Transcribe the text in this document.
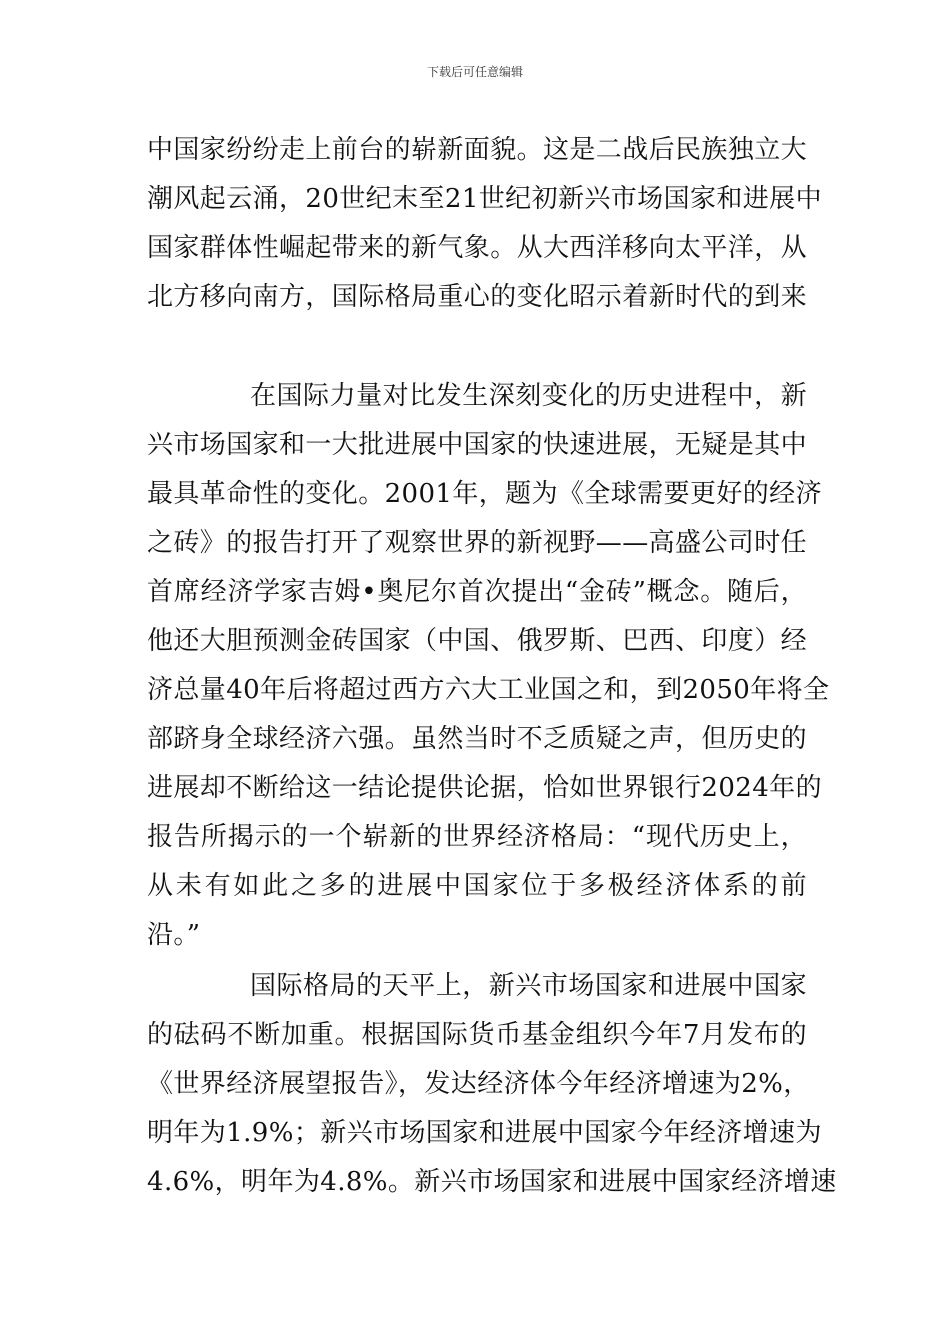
下载后可任意编辑
中国家纷纷走上前台的崭新面貌。这是二战后民族独立大
潮风起云涌，20世纪末至21世纪初新兴市场国家和进展中
国家群体性崛起带来的新气象。从大西洋移向太平洋，从
北方移向南方，国际格局重心的变化昭示着新时代的到来
在国际力量对比发生深刻变化的历史进程中，新
兴市场国家和一大批进展中国家的快速进展，无疑是其中
最具革命性的变化。2001年，题为《全球需要更好的经济
之砖》的报告打开了观察世界的新视野——高盛公司时任
首席经济学家吉姆•奥尼尔首次提出“金砖”概念。随后，
他还大胆预测金砖国家（中国、俄罗斯、巴西、印度）经
济总量40年后将超过西方六大工业国之和，到2050年将全
部跻身全球经济六强。虽然当时不乏质疑之声，但历史的
进展却不断给这一结论提供论据，恰如世界银行2024年的
报告所揭示的一个崭新的世界经济格局：“现代历史上，
从未有如此之多的进展中国家位于多极经济体系的前
沿。”
国际格局的天平上，新兴市场国家和进展中国家
的砝码不断加重。根据国际货币基金组织今年7月发布的
《世界经济展望报告》，发达经济体今年经济增速为2%，
明年为1.9%；新兴市场国家和进展中国家今年经济增速为
4.6%，明年为4.8%。新兴市场国家和进展中国家经济增速
